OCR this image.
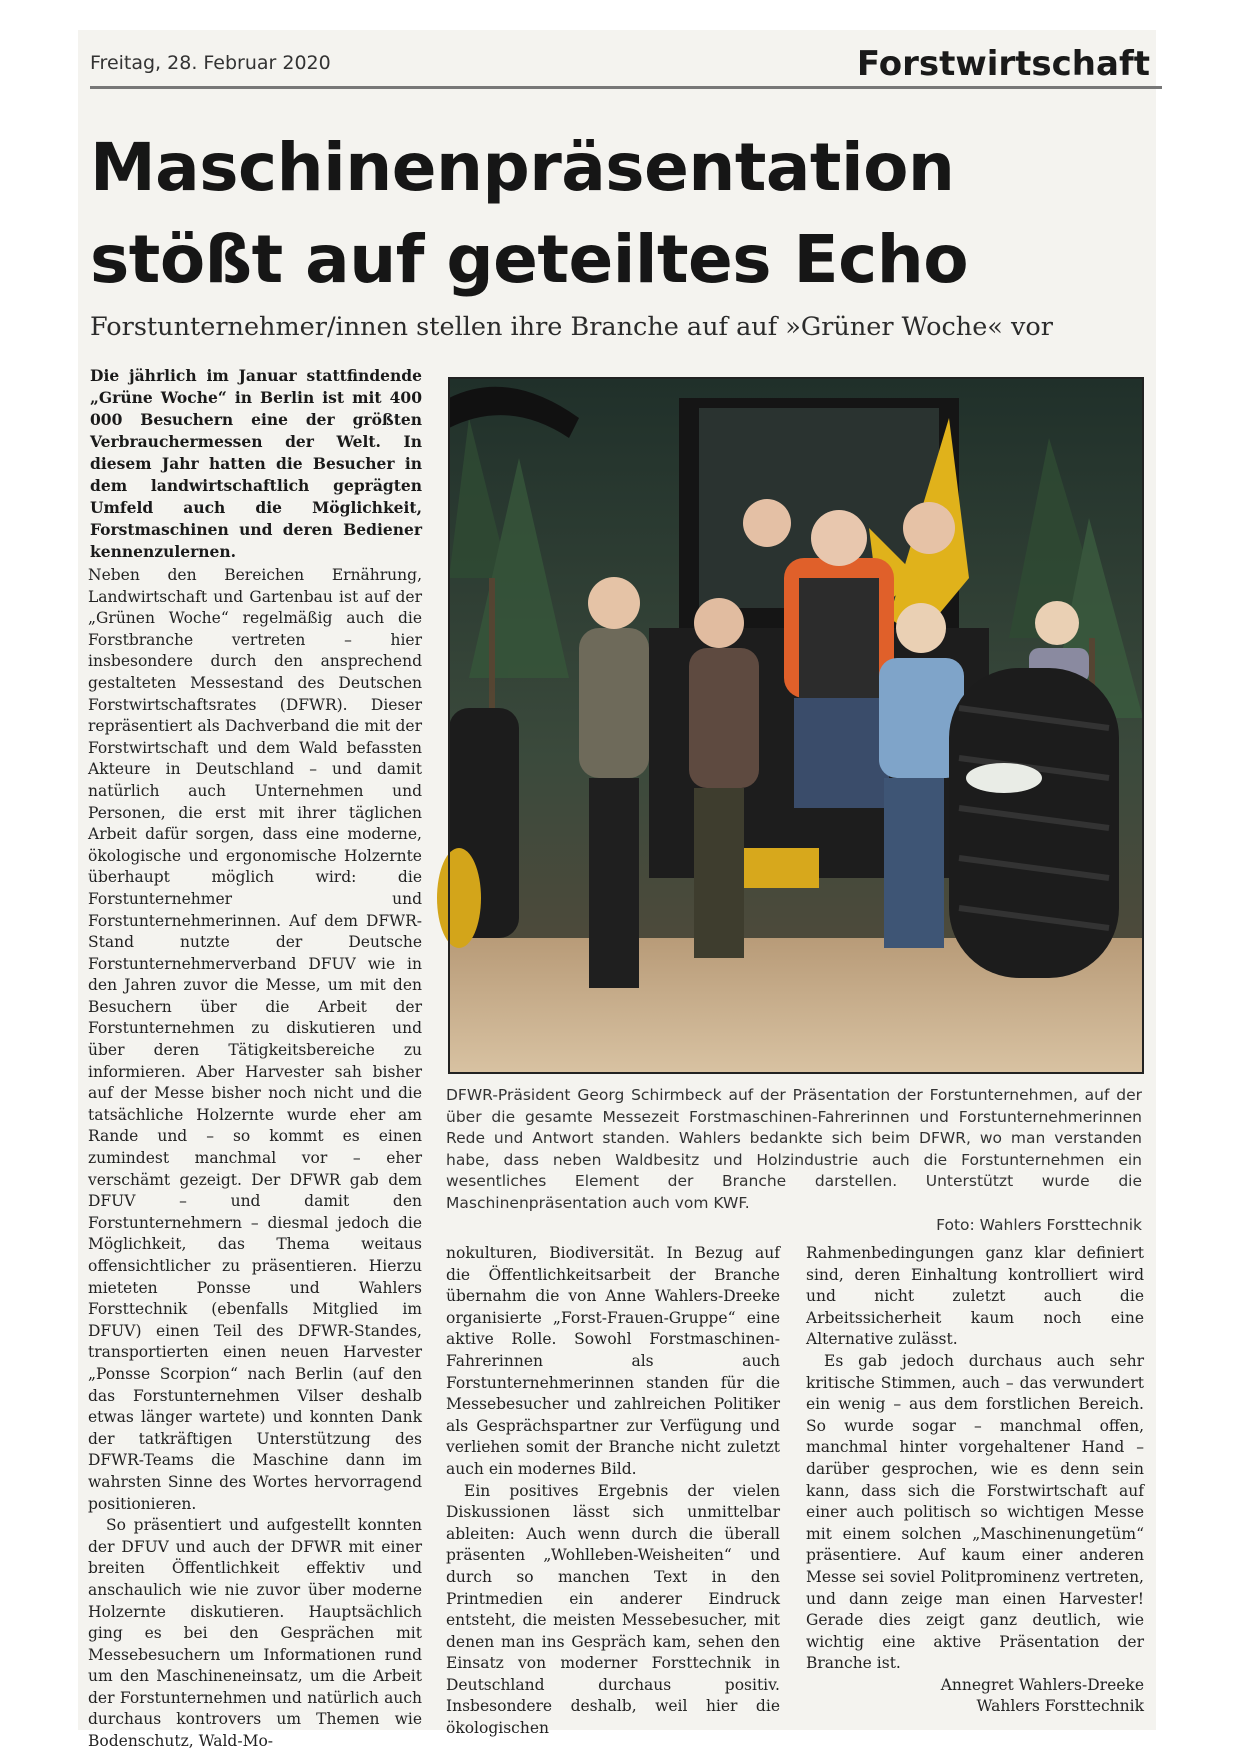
Freitag, 28. Februar 2020	Forstwirtschaft
Maschinenpräsentation
stößt auf geteiltes Echo
Forstunternehmer/innen stellen ihre Branche auf auf »Grüner Woche« vor
Die jährlich im Januar stattfindende „Grüne Woche“ in Berlin ist mit 400 000 Besuchern eine der größten Verbrauchermessen der Welt. In diesem Jahr hatten die Besucher in dem landwirtschaftlich geprägten Umfeld auch die Möglichkeit, Forstmaschinen und deren Bediener kennenzulernen.

Neben den Bereichen Ernährung, Landwirtschaft und Gartenbau ist auf der „Grünen Woche“ regelmäßig auch die Forstbranche vertreten – hier insbesondere durch den ansprechend gestalteten Messestand des Deutschen Forstwirtschaftsrates (DFWR). Dieser repräsentiert als Dachverband die mit der Forstwirtschaft und dem Wald befassten Akteure in Deutschland – und damit natürlich auch Unternehmen und Personen, die erst mit ihrer täglichen Arbeit dafür sorgen, dass eine moderne, ökologische und ergonomische Holzernte überhaupt möglich wird: die Forstunternehmer und Forstunternehmerinnen. Auf dem DFWR-Stand nutzte der Deutsche Forstunternehmerverband DFUV wie in den Jahren zuvor die Messe, um mit den Besuchern über die Arbeit der Forstunternehmen zu diskutieren und über deren Tätigkeitsbereiche zu informieren. Aber Harvester sah bisher auf der Messe bisher noch nicht und die tatsächliche Holzernte wurde eher am Rande und – so kommt es einen zumindest manchmal vor – eher verschämt gezeigt. Der DFWR gab dem DFUV – und damit den Forstunternehmern – diesmal jedoch die Möglichkeit, das Thema weitaus offensichtlicher zu präsentieren. Hierzu mieteten Ponsse und Wahlers Forsttechnik (ebenfalls Mitglied im DFUV) einen Teil des DFWR-Standes, transportierten einen neuen Harvester „Ponsse Scorpion“ nach Berlin (auf den das Forstunternehmen Vilser deshalb etwas länger wartete) und konnten Dank der tatkräftigen Unterstützung des DFWR-Teams die Maschine dann im wahrsten Sinne des Wortes hervorragend positionieren.

So präsentiert und aufgestellt konnten der DFUV und auch der DFWR mit einer breiten Öffentlichkeit effektiv und anschaulich wie nie zuvor über moderne Holzernte diskutieren. Hauptsächlich ging es bei den Gesprächen mit Messebesuchern um Informationen rund um den Maschineneinsatz, um die Arbeit der Forstunternehmen und natürlich auch durchaus kontrovers um Themen wie Bodenschutz, Wald-Mo-

DFWR-Präsident Georg Schirmbeck auf der Präsentation der Forstunternehmen, auf der über die gesamte Messezeit Forstmaschinen-Fahrerinnen und Forstunternehmerinnen Rede und Antwort standen. Wahlers bedankte sich beim DFWR, wo man verstanden habe, dass neben Waldbesitz und Holzindustrie auch die Forstunternehmen ein wesentliches Element der Branche darstellen. Unterstützt wurde die Maschinenpräsentation auch vom KWF.
Foto: Wahlers Forsttechnik

nokulturen, Biodiversität. In Bezug auf die Öffentlichkeitsarbeit der Branche übernahm die von Anne Wahlers-Dreeke organisierte „Forst-Frauen-Gruppe“ eine aktive Rolle. Sowohl Forstmaschinen-Fahrerinnen als auch Forstunternehmerinnen standen für die Messebesucher und zahlreichen Politiker als Gesprächspartner zur Verfügung und verliehen somit der Branche nicht zuletzt auch ein modernes Bild.

Ein positives Ergebnis der vielen Diskussionen lässt sich unmittelbar ableiten: Auch wenn durch die überall präsenten „Wohlleben-Weisheiten“ und durch so manchen Text in den Printmedien ein anderer Eindruck entsteht, die meisten Messebesucher, mit denen man ins Gespräch kam, sehen den Einsatz von moderner Forsttechnik in Deutschland durchaus positiv. Insbesondere deshalb, weil hier die ökologischen

Rahmenbedingungen ganz klar definiert sind, deren Einhaltung kontrolliert wird und nicht zuletzt auch die Arbeitssicherheit kaum noch eine Alternative zulässt.

Es gab jedoch durchaus auch sehr kritische Stimmen, auch – das verwundert ein wenig – aus dem forstlichen Bereich. So wurde sogar – manchmal offen, manchmal hinter vorgehaltener Hand – darüber gesprochen, wie es denn sein kann, dass sich die Forstwirtschaft auf einer auch politisch so wichtigen Messe mit einem solchen „Maschinenungetüm“ präsentiere. Auf kaum einer anderen Messe sei soviel Politprominenz vertreten, und dann zeige man einen Harvester! Gerade dies zeigt ganz deutlich, wie wichtig eine aktive Präsentation der Branche ist.

Annegret Wahlers-Dreeke
Wahlers Forsttechnik
